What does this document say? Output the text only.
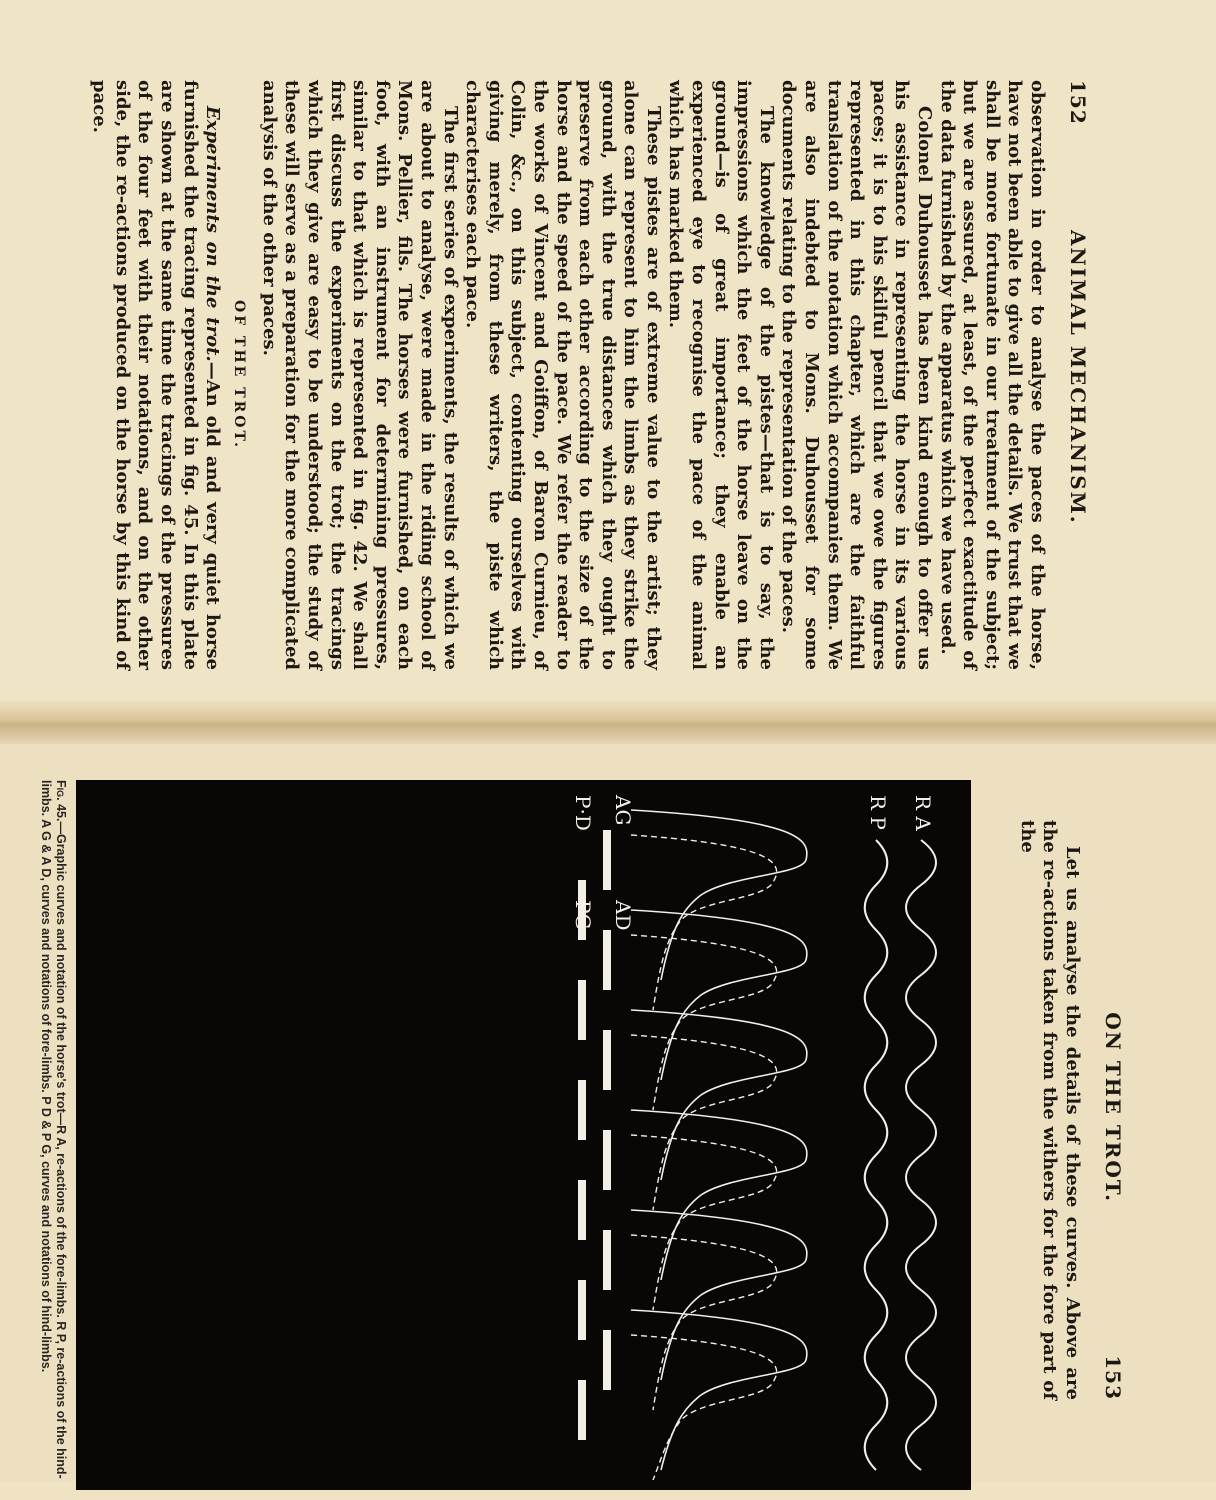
152
ANIMAL MECHANISM.

observation in order to analyse the paces of the horse, have not been able to give all the details. We trust that we shall be more fortunate in our treatment of the subject; but we are assured, at least, of the perfect exactitude of the data furnished by the apparatus which we have used.

Colonel Duhousset has been kind enough to offer us his assistance in representing the horse in its various paces; it is to his skilful pencil that we owe the figures represented in this chapter, which are the faithful translation of the notation which accompanies them. We are also indebted to Mons. Duhousset for some documents relating to the representation of the paces.

The knowledge of the pistes—that is to say, the impressions which the feet of the horse leave on the ground—is of great importance; they enable an experienced eye to recognise the pace of the animal which has marked them.

These pistes are of extreme value to the artist; they alone can represent to him the limbs as they strike the ground, with the true distances which they ought to preserve from each other according to the size of the horse and the speed of the pace. We refer the reader to the works of Vincent and Goiffon, of Baron Curnieu, of Colin, &c., on this subject, contenting ourselves with giving merely, from these writers, the piste which characterises each pace.

The first series of experiments, the results of which we are about to analyse, were made in the riding school of Mons. Pellier, fils. The horses were furnished, on each foot, with an instrument for determining pressures, similar to that which is represented in fig. 42. We shall first discuss the experiments on the trot; the tracings which they give are easy to be understood; the study of these will serve as a preparation for the more complicated analysis of the other paces.

OF THE TROT.

Experiments on the trot.—An old and very quiet horse furnished the tracing represented in fig. 45. In this plate are shown at the same time the tracings of the pressures of the four feet with their notations, and on the other side, the re-actions produced on the horse by this kind of pace.

ON THE TROT.
153

Let us analyse the details of these curves. Above are the re-actions taken from the withers for the fore part of the

R A
R P
AG
AD
P·D
PG
Fig. 45.—Graphic curves and notation of the horse's trot—R A, re-actions of the fore-limbs. R P, re-actions of the hind-limbs. A G & A D, curves and notations of fore-limbs. P D & P G, curves and notations of hind-limbs.
